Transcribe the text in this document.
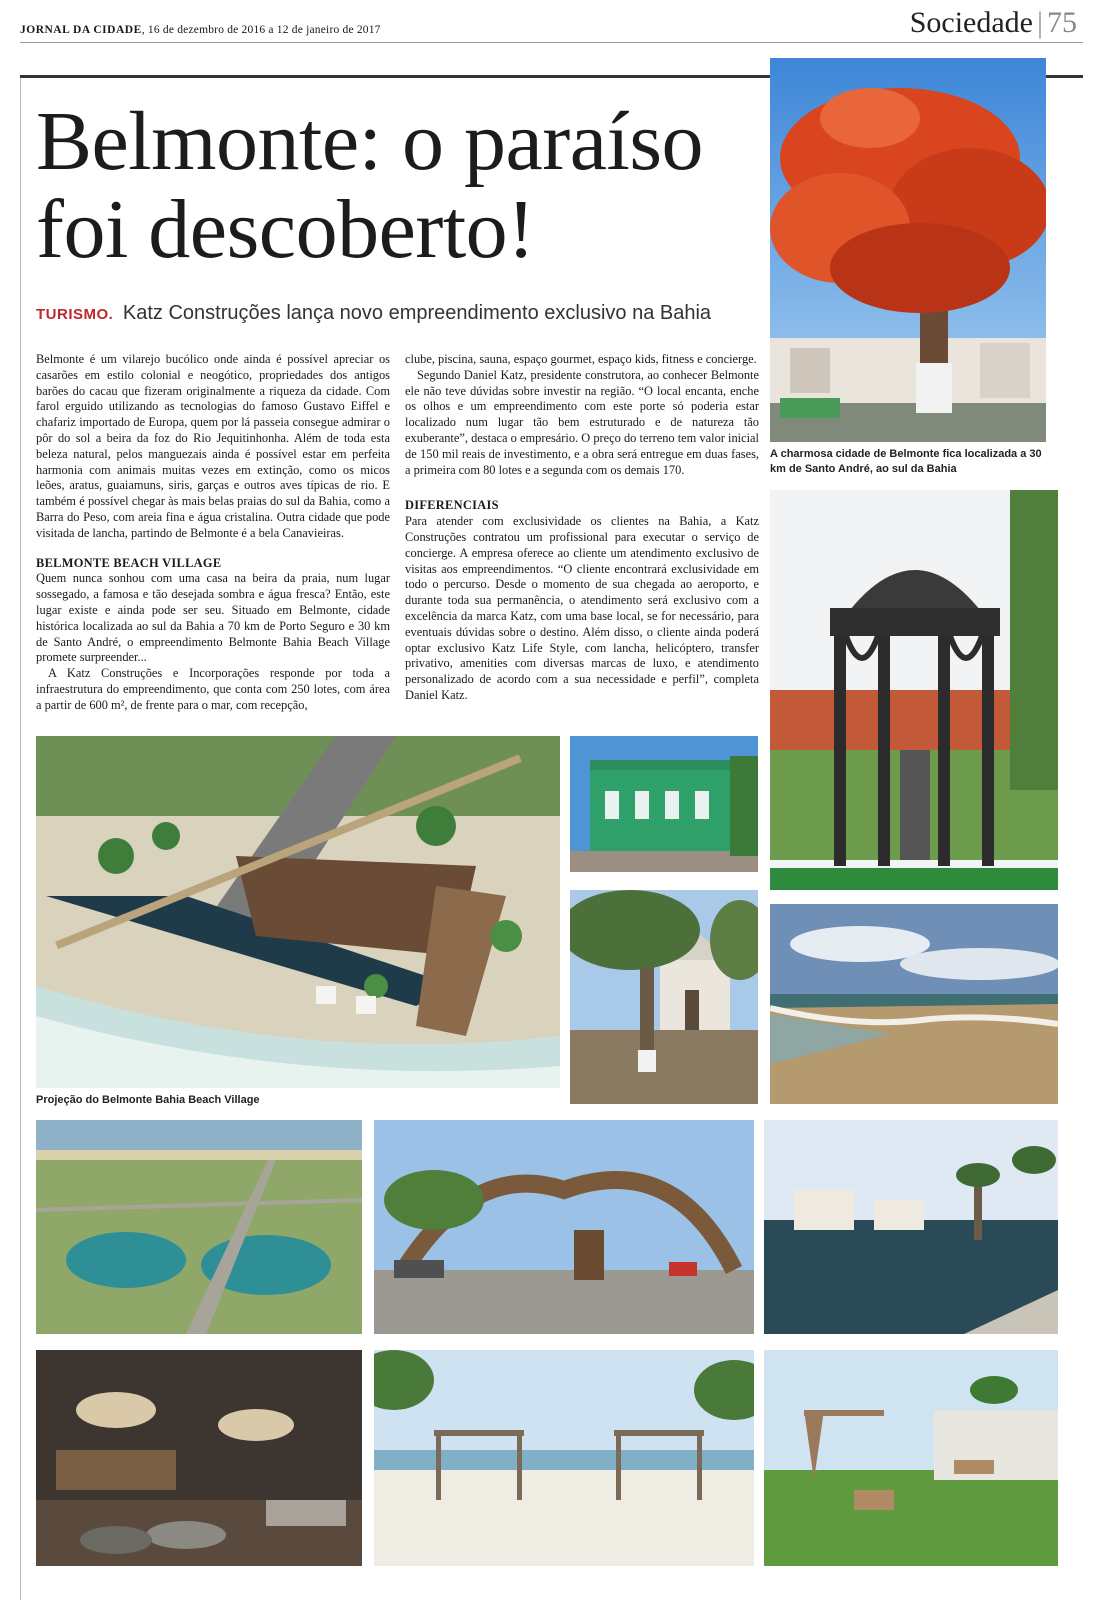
JORNAL DA CIDADE, 16 de dezembro de 2016 a 12 de janeiro de 2017	Sociedade | 75
Belmonte: o paraíso
foi descoberto!
TURISMO. Katz Construções lança novo empreendimento exclusivo na Bahia

Belmonte é um vilarejo bucólico onde ainda é possível apreciar os casarões em estilo colonial e neogótico, propriedades dos antigos barões do cacau que fizeram originalmente a riqueza da cidade. Com farol erguido utilizando as tecnologias do famoso Gustavo Eiffel e chafariz importado de Europa, quem por lá passeia consegue admirar o pôr do sol a beira da foz do Rio Jequitinhonha. Além de toda esta beleza natural, pelos manguezais ainda é possível estar em perfeita harmonia com animais muitas vezes em extinção, como os micos leões, aratus, guaiamuns, siris, garças e outros aves típicas de rio. E também é possível chegar às mais belas praias do sul da Bahia, como a Barra do Peso, com areia fina e água cristalina. Outra cidade que pode visitada de lancha, partindo de Belmonte é a bela Canavieiras.

BELMONTE BEACH VILLAGE

Quem nunca sonhou com uma casa na beira da praia, num lugar sossegado, a famosa e tão desejada sombra e água fresca? Então, este lugar existe e ainda pode ser seu. Situado em Belmonte, cidade histórica localizada ao sul da Bahia a 70 km de Porto Seguro e 30 km de Santo André, o empreendimento Belmonte Bahia Beach Village promete surpreender...

A Katz Construções e Incorporações responde por toda a infraestrutura do empreendimento, que conta com 250 lotes, com área a partir de 600 m², de frente para o mar, com recepção,

clube, piscina, sauna, espaço gourmet, espaço kids, fitness e concierge.

Segundo Daniel Katz, presidente construtora, ao conhecer Belmonte ele não teve dúvidas sobre investir na região. “O local encanta, enche os olhos e um empreendimento com este porte só poderia estar localizado num lugar tão bem estruturado e de natureza tão exuberante”, destaca o empresário. O preço do terreno tem valor inicial de 150 mil reais de investimento, e a obra será entregue em duas fases, a primeira com 80 lotes e a segunda com os demais 170.

DIFERENCIAIS

Para atender com exclusividade os clientes na Bahia, a Katz Construções contratou um profissional para executar o serviço de concierge. A empresa oferece ao cliente um atendimento exclusivo de visitas aos empreendimentos. “O cliente encontrará exclusividade em todo o percurso. Desde o momento de sua chegada ao aeroporto, e durante toda sua permanência, o atendimento será exclusivo com a excelência da marca Katz, com uma base local, se for necessário, para eventuais dúvidas sobre o destino. Além disso, o cliente ainda poderá optar exclusivo Katz Life Style, com lancha, helicóptero, transfer privativo, amenities com diversas marcas de luxo, e atendimento personalizado de acordo com a sua necessidade e perfil”, completa Daniel Katz.

A charmosa cidade de Belmonte fica localizada a 30 km de Santo André, ao sul da Bahia
Projeção do Belmonte Bahia Beach Village
